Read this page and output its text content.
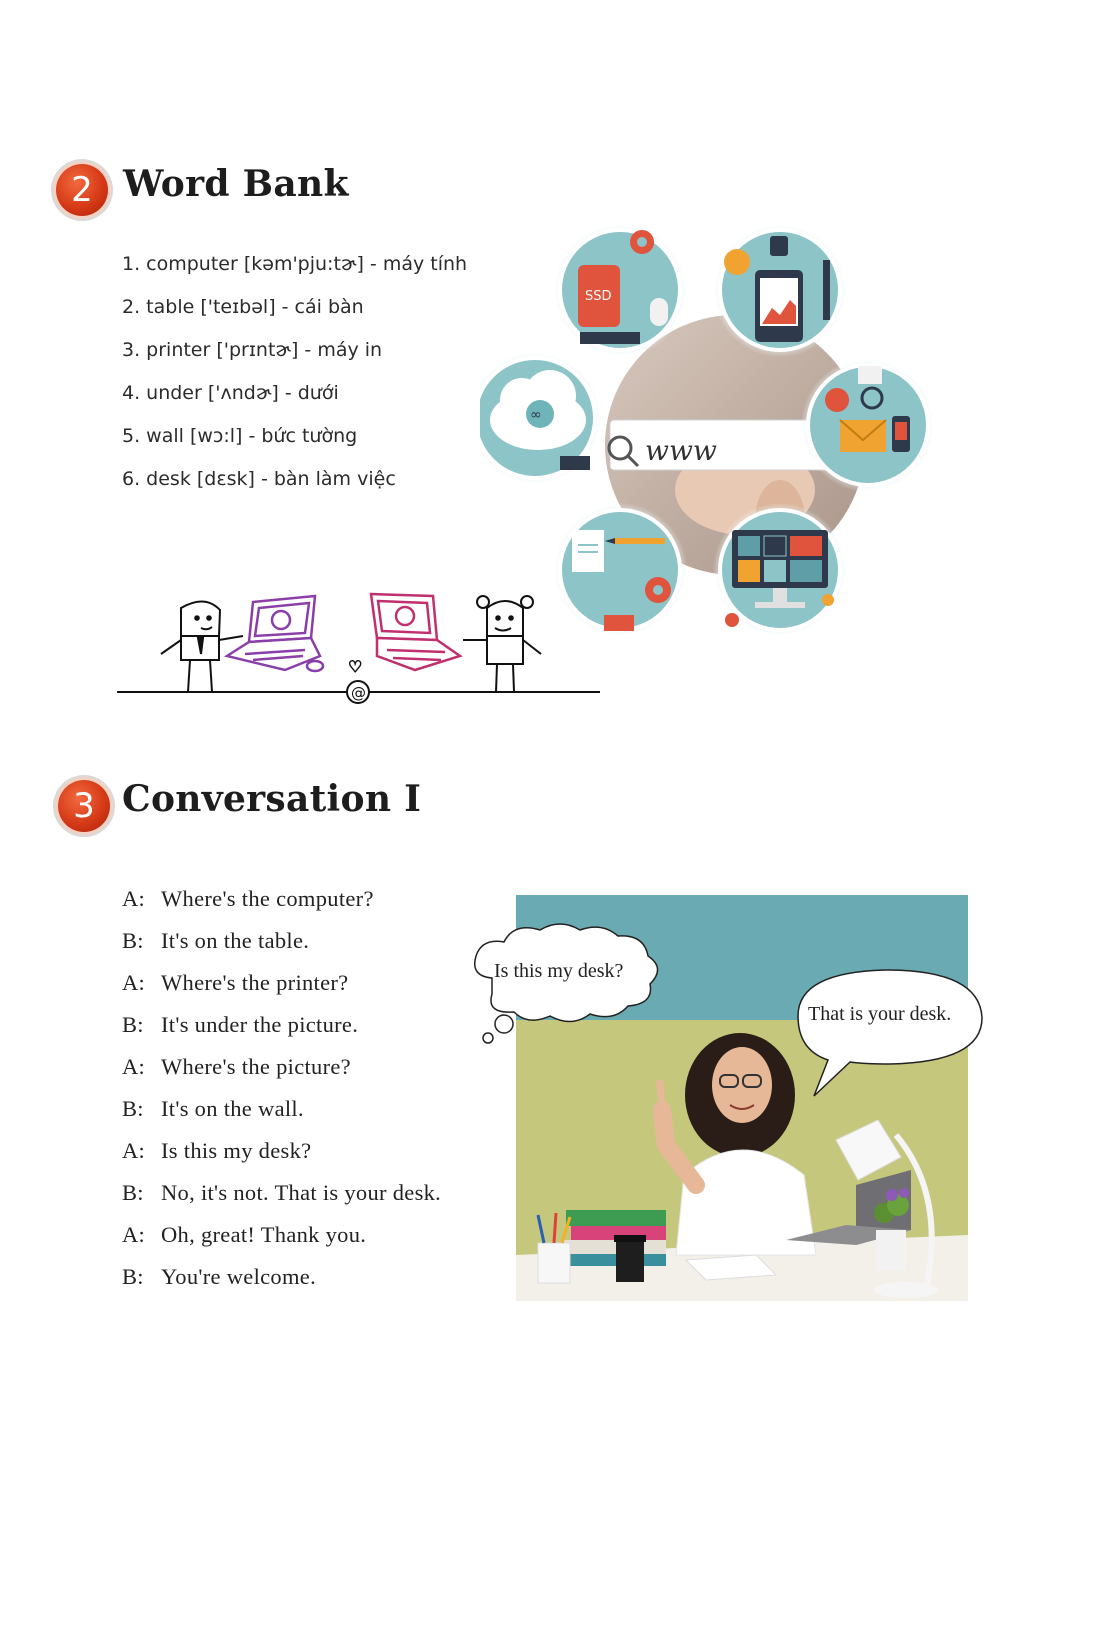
2 Word Bank
1. computer [kəm'pju:tɚ] - máy tính
2. table ['teɪbəl] - cái bàn
3. printer ['prɪntɚ] - máy in
4. under ['ʌndɚ] - dưới
5. wall [wɔ:l] - bức tường
6. desk [dɛsk] - bàn làm việc
www
SSD
∞
@
♡
3 Conversation I
A: Where's the computer?
B: It's on the table.
A: Where's the printer?
B: It's under the picture.
A: Where's the picture?
B: It's on the wall.
A: Is this my desk?
B: No, it's not. That is your desk.
A: Oh, great! Thank you.
B: You're welcome.
Is this my desk?
That is your desk.
